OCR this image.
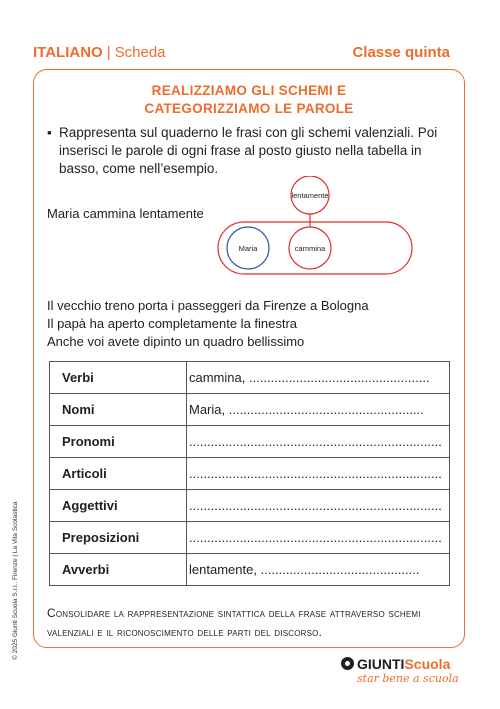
ITALIANO | Scheda	Classe quinta
REALIZZIAMO GLI SCHEMI E
CATEGORIZZIAMO LE PAROLE
▪ Rappresenta sul quaderno le frasi con gli schemi valenziali. Poi inserisci le parole di ogni frase al posto giusto nella tabella in basso, come nell’esempio.
Maria cammina lentamente
lentamente
Maria	cammina
Il vecchio treno porta i passeggeri da Firenze a Bologna
Il papà ha aperto completamente la finestra
Anche voi avete dipinto un quadro bellissimo
Verbi	cammina, ..................................................
Nomi	Maria, ......................................................
Pronomi	......................................................................
Articoli	......................................................................
Aggettivi	......................................................................
Preposizioni	......................................................................
Avverbi	lentamente, ............................................
Consolidare la rappresentazione sintattica della frase attraverso schemi valenziali e il riconoscimento delle parti del discorso.
© 2025 Giunti Scuola S.r.l., Firenze | La Vita Scolastica
GIUNTIScuola
star bene a scuola
